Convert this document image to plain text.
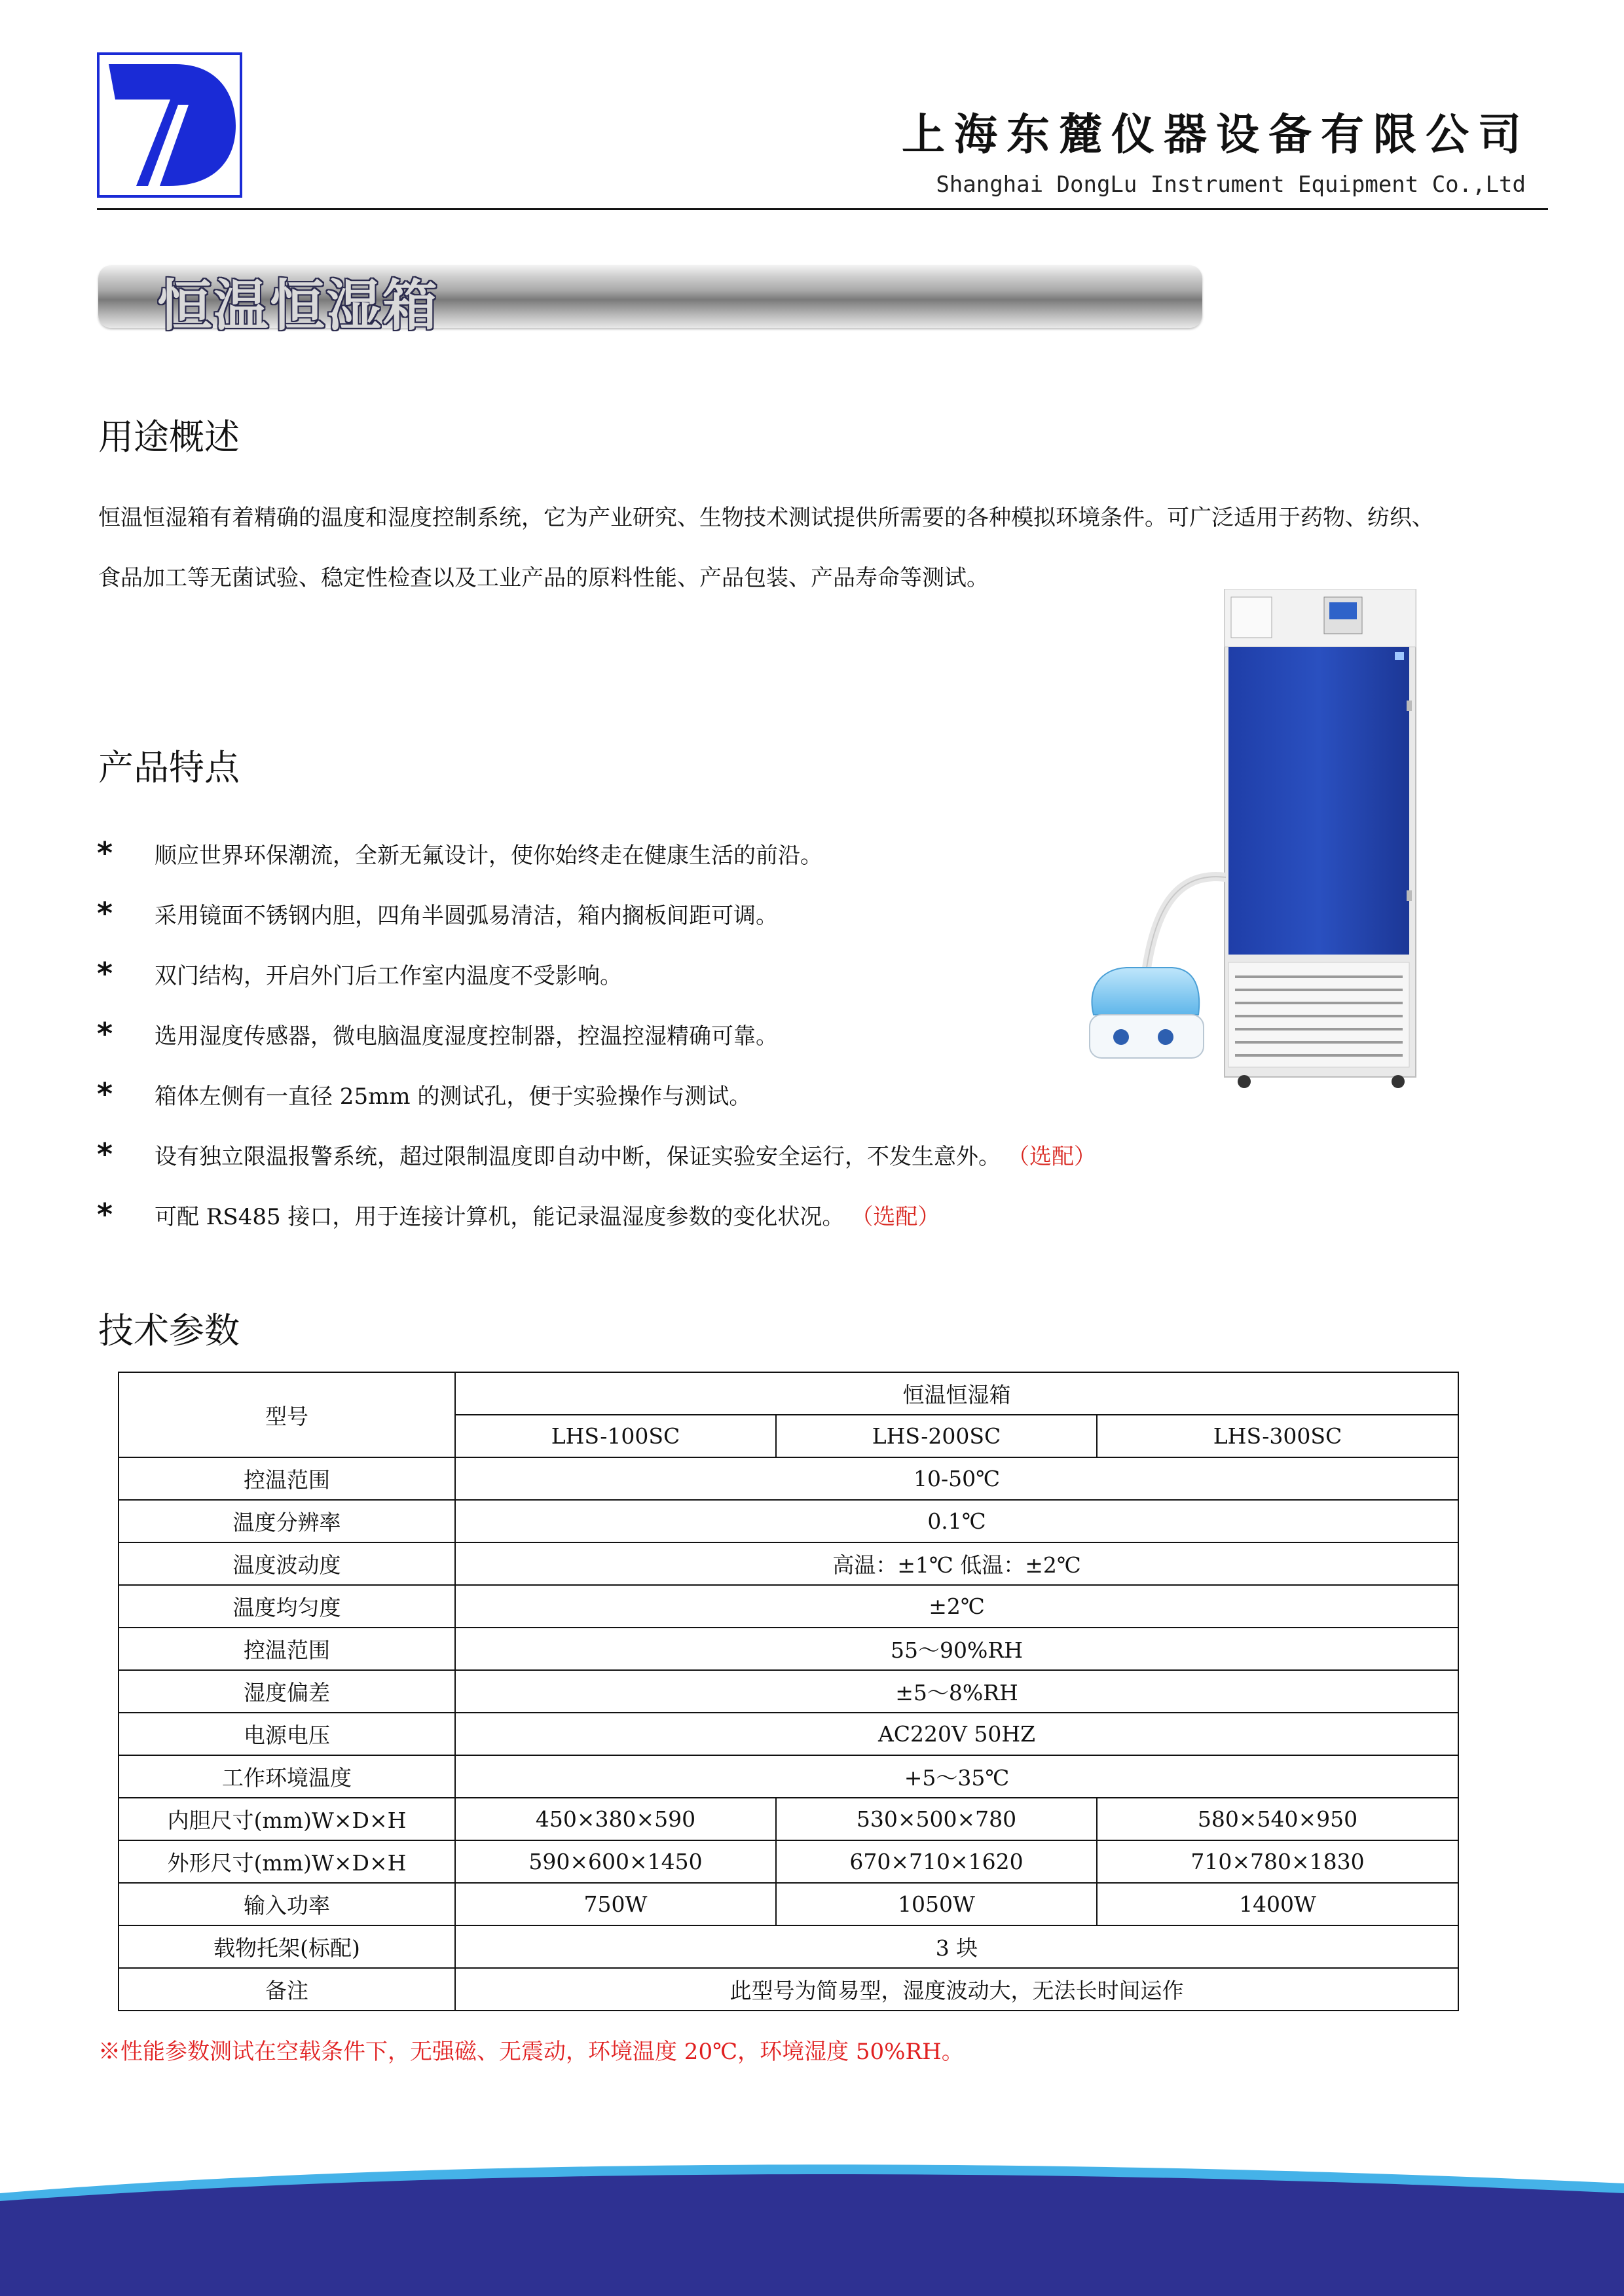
上海东麓仪器设备有限公司
Shanghai DongLu Instrument Equipment Co.,Ltd
恒温恒湿箱
用途概述
恒温恒湿箱有着精确的温度和湿度控制系统，它为产业研究、生物技术测试提供所需要的各种模拟环境条件。可广泛适用于药物、纺织、
食品加工等无菌试验、稳定性检查以及工业产品的原料性能、产品包装、产品寿命等测试。
产品特点
*	顺应世界环保潮流，全新无氟设计，使你始终走在健康生活的前沿。
*	采用镜面不锈钢内胆，四角半圆弧易清洁，箱内搁板间距可调。
*	双门结构，开启外门后工作室内温度不受影响。
*	选用湿度传感器，微电脑温度湿度控制器，控温控湿精确可靠。
*	箱体左侧有一直径 25mm 的测试孔，便于实验操作与测试。
*	设有独立限温报警系统，超过限制温度即自动中断，保证实验安全运行，不发生意外。 （选配）
*	可配 RS485 接口，用于连接计算机，能记录温湿度参数的变化状况。 （选配）
技术参数
型号	恒温恒湿箱		
	LHS-100SC	LHS-200SC	LHS-300SC
控温范围	10-50℃		
温度分辨率	0.1℃		
温度波动度	高温：±1℃ 低温：±2℃		
温度均匀度	±2℃		
控温范围	55～90%RH		
湿度偏差	±5～8%RH		
电源电压	AC220V 50HZ		
工作环境温度	+5～35℃		
内胆尺寸(mm)W×D×H	450×380×590	530×500×780	580×540×950
外形尺寸(mm)W×D×H	590×600×1450	670×710×1620	710×780×1830
输入功率	750W	1050W	1400W
载物托架(标配)	3 块		
备注	此型号为简易型，湿度波动大，无法长时间运作		
※性能参数测试在空载条件下，无强磁、无震动，环境温度 20℃，环境湿度 50%RH。
